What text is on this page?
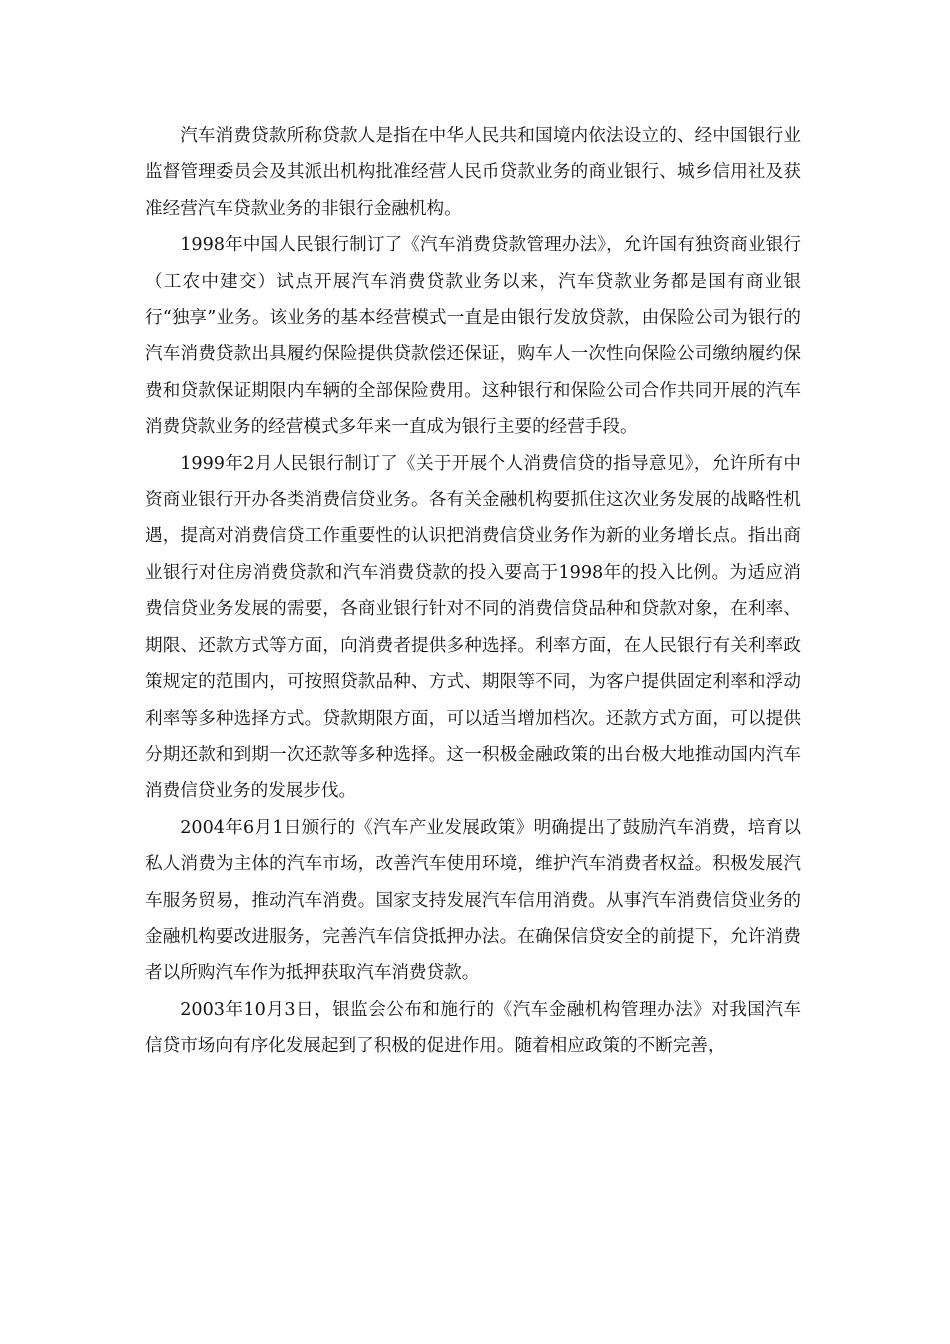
汽车消费贷款所称贷款人是指在中华人民共和国境内依法设立的、经中国银行业监督管理委员会及其派出机构批准经营人民币贷款业务的商业银行、城乡信用社及获准经营汽车贷款业务的非银行金融机构。

1998年中国人民银行制订了《汽车消费贷款管理办法》，允许国有独资商业银行（工农中建交）试点开展汽车消费贷款业务以来，汽车贷款业务都是国有商业银行“独享”业务。该业务的基本经营模式一直是由银行发放贷款，由保险公司为银行的汽车消费贷款出具履约保险提供贷款偿还保证，购车人一次性向保险公司缴纳履约保费和贷款保证期限内车辆的全部保险费用。这种银行和保险公司合作共同开展的汽车消费贷款业务的经营模式多年来一直成为银行主要的经营手段。

1999年2月人民银行制订了《关于开展个人消费信贷的指导意见》，允许所有中资商业银行开办各类消费信贷业务。各有关金融机构要抓住这次业务发展的战略性机遇，提高对消费信贷工作重要性的认识把消费信贷业务作为新的业务增长点。指出商业银行对住房消费贷款和汽车消费贷款的投入要高于1998年的投入比例。为适应消费信贷业务发展的需要，各商业银行针对不同的消费信贷品种和贷款对象，在利率、期限、还款方式等方面，向消费者提供多种选择。利率方面，在人民银行有关利率政策规定的范围内，可按照贷款品种、方式、期限等不同，为客户提供固定利率和浮动利率等多种选择方式。贷款期限方面，可以适当增加档次。还款方式方面，可以提供分期还款和到期一次还款等多种选择。这一积极金融政策的出台极大地推动国内汽车消费信贷业务的发展步伐。

2004年6月1日颁行的《汽车产业发展政策》明确提出了鼓励汽车消费，培育以私人消费为主体的汽车市场，改善汽车使用环境，维护汽车消费者权益。积极发展汽车服务贸易，推动汽车消费。国家支持发展汽车信用消费。从事汽车消费信贷业务的金融机构要改进服务，完善汽车信贷抵押办法。在确保信贷安全的前提下，允许消费者以所购汽车作为抵押获取汽车消费贷款。

2003年10月3日，银监会公布和施行的《汽车金融机构管理办法》对我国汽车信贷市场向有序化发展起到了积极的促进作用。随着相应政策的不断完善，
